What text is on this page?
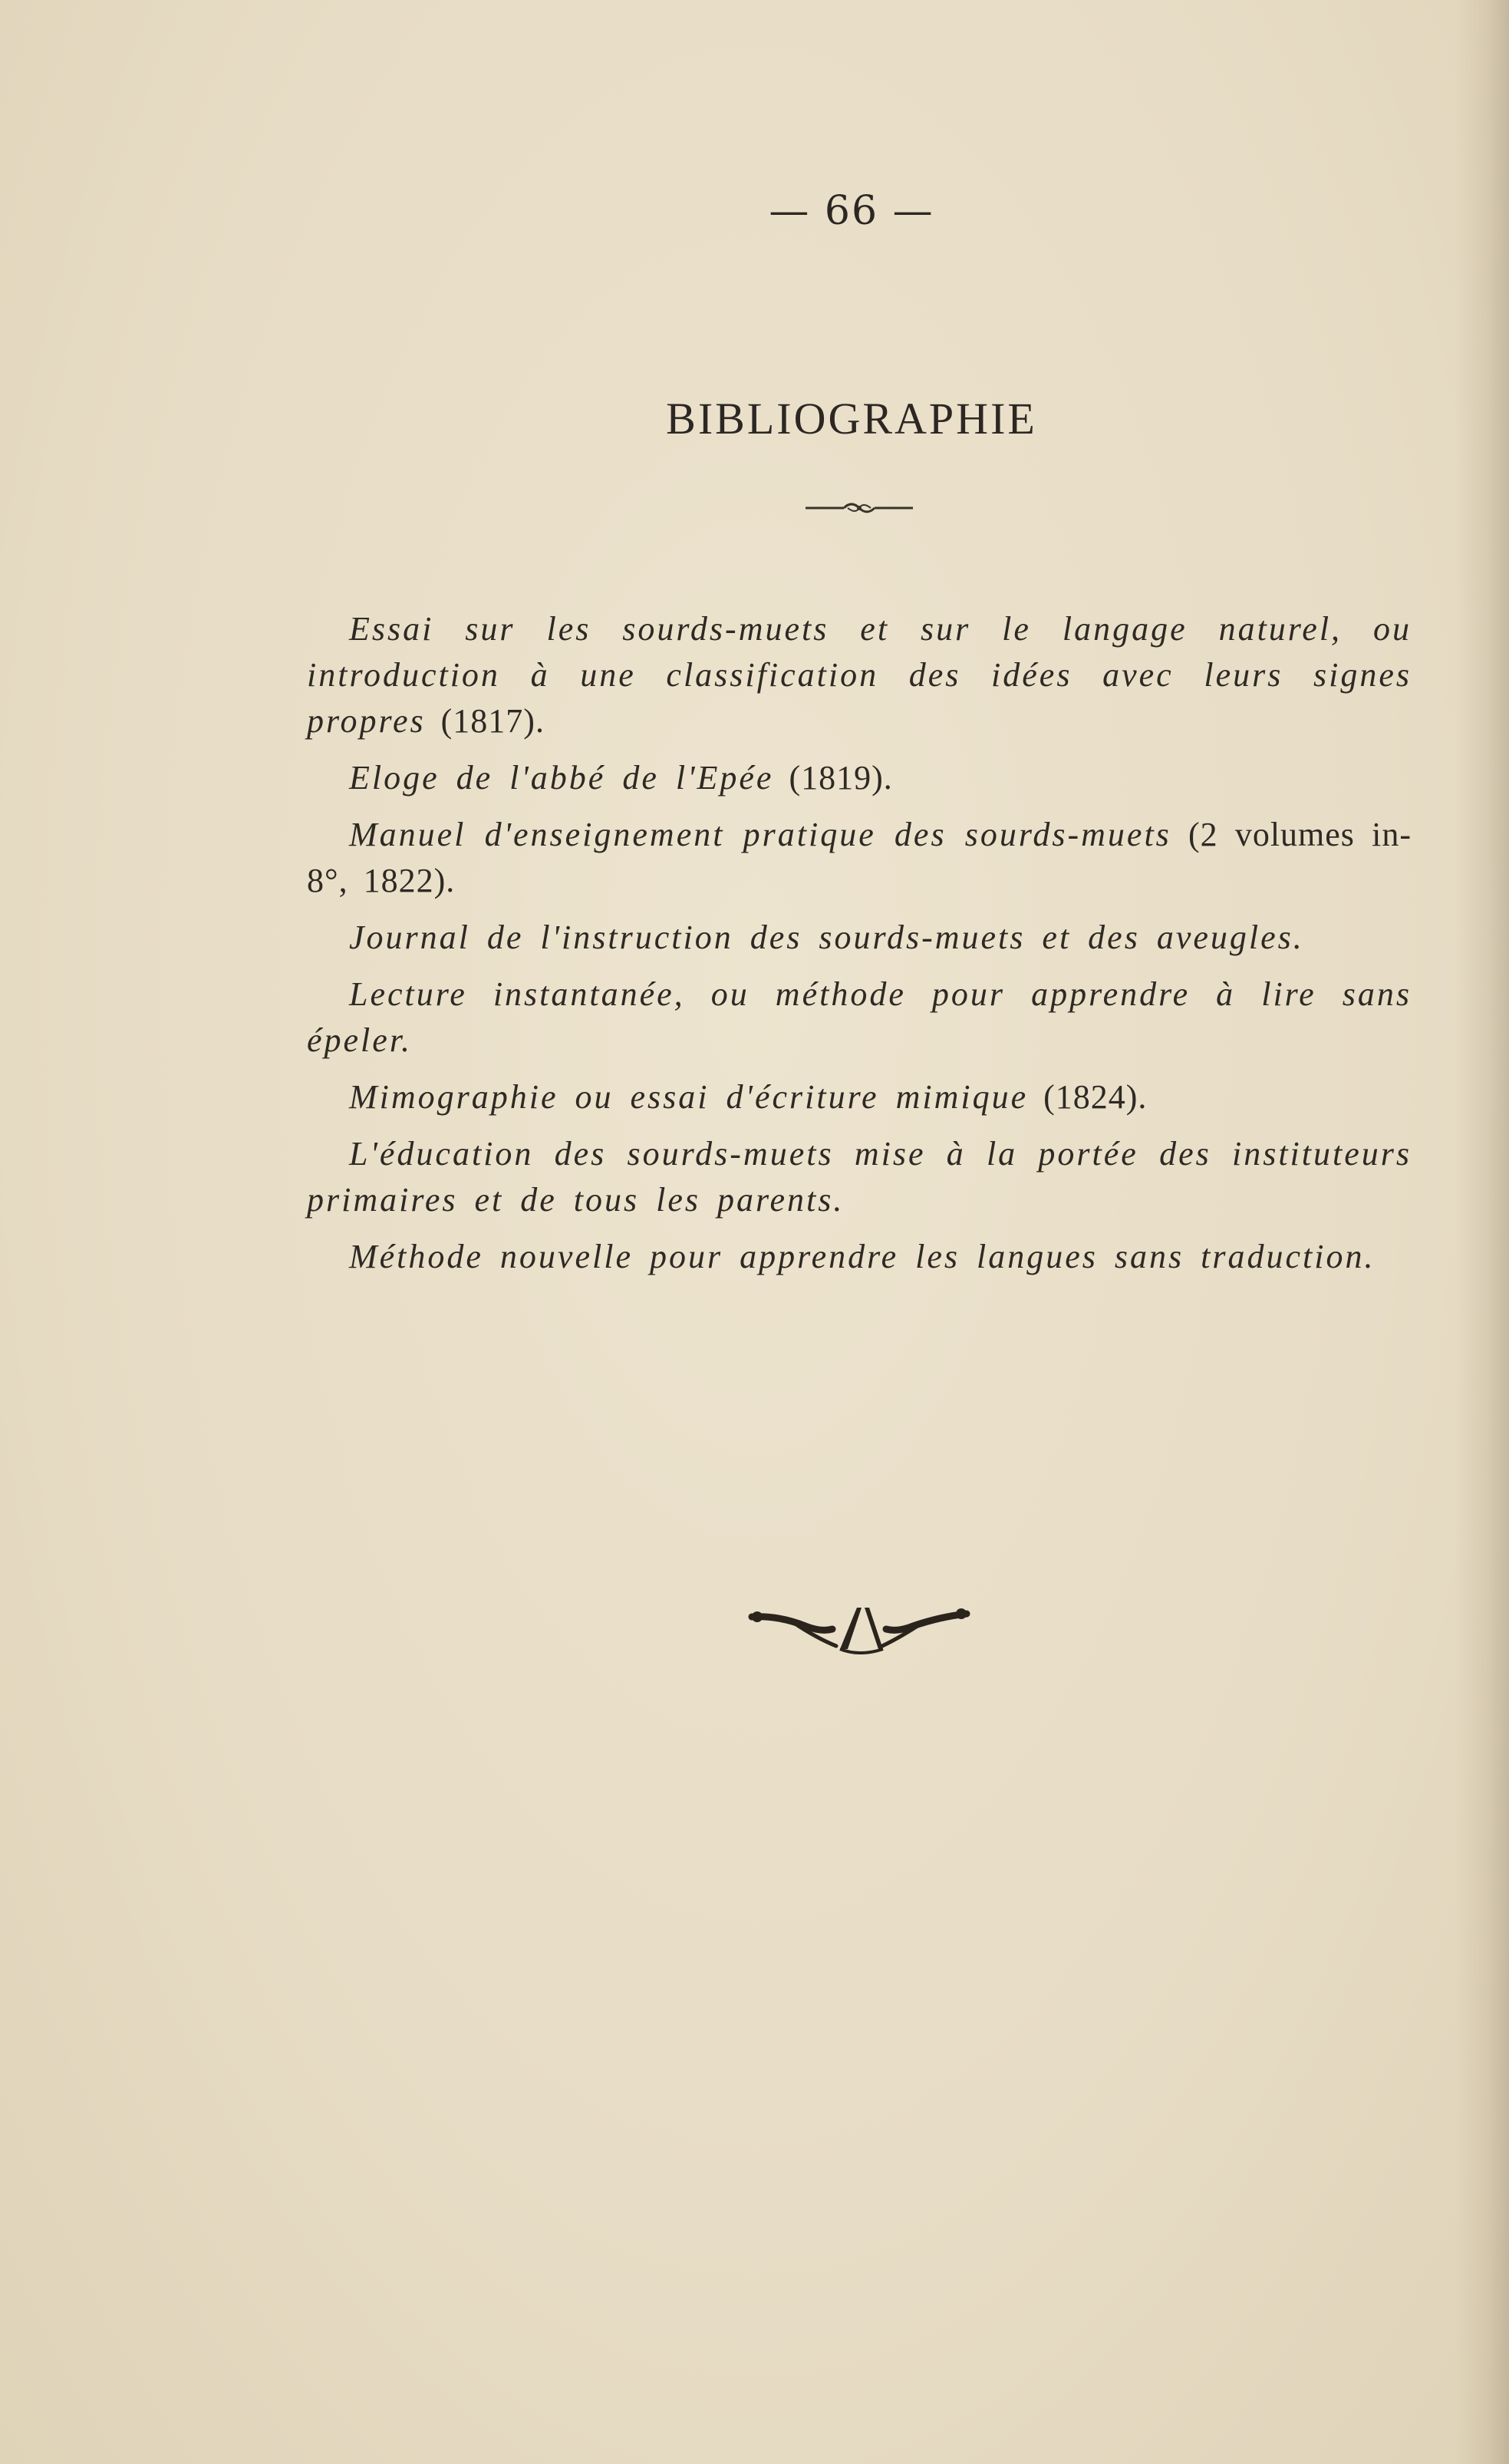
— 66 —
BIBLIOGRAPHIE

Essai sur les sourds-muets et sur le langage naturel, ou introduction à une classification des idées avec leurs signes propres (1817).

Eloge de l'abbé de l'Epée (1819).

Manuel d'enseignement pratique des sourds-muets (2 volumes in-8°, 1822).

Journal de l'instruction des sourds-muets et des aveugles.

Lecture instantanée, ou méthode pour apprendre à lire sans épeler.

Mimographie ou essai d'écriture mimique (1824).

L'éducation des sourds-muets mise à la portée des instituteurs primaires et de tous les parents.

Méthode nouvelle pour apprendre les langues sans traduction.
